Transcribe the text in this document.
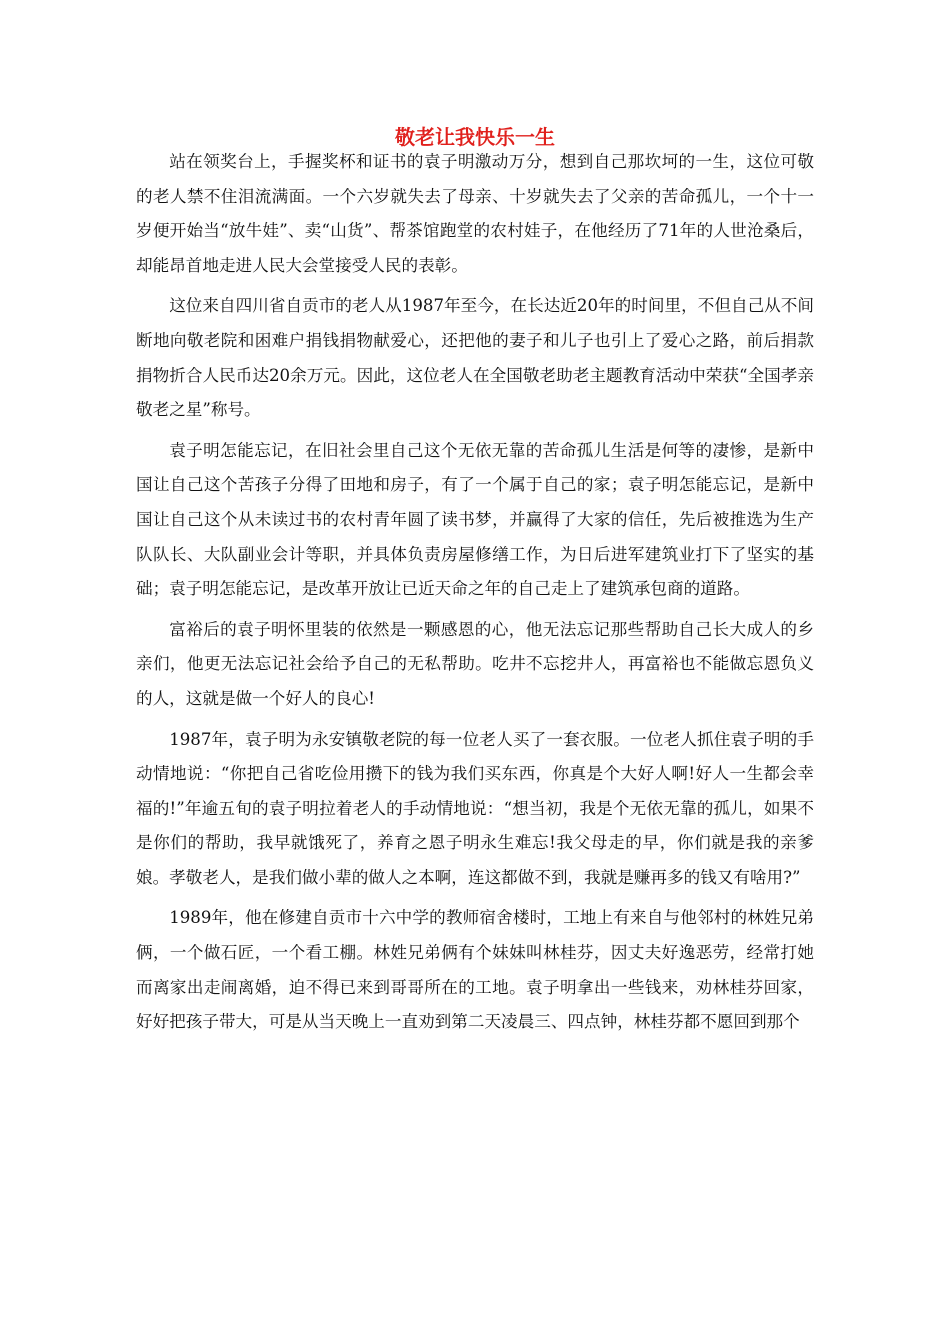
敬老让我快乐一生

站在领奖台上，手握奖杯和证书的袁子明激动万分，想到自己那坎坷的一生，这位可敬的老人禁不住泪流满面。一个六岁就失去了母亲、十岁就失去了父亲的苦命孤儿，一个十一岁便开始当“放牛娃”、卖“山货”、帮茶馆跑堂的农村娃子，在他经历了71年的人世沧桑后，却能昂首地走进人民大会堂接受人民的表彰。

这位来自四川省自贡市的老人从1987年至今，在长达近20年的时间里，不但自己从不间断地向敬老院和困难户捐钱捐物献爱心，还把他的妻子和儿子也引上了爱心之路，前后捐款捐物折合人民币达20余万元。因此，这位老人在全国敬老助老主题教育活动中荣获“全国孝亲敬老之星”称号。

袁子明怎能忘记，在旧社会里自己这个无依无靠的苦命孤儿生活是何等的凄惨，是新中国让自己这个苦孩子分得了田地和房子，有了一个属于自己的家；袁子明怎能忘记，是新中国让自己这个从未读过书的农村青年圆了读书梦，并赢得了大家的信任，先后被推选为生产队队长、大队副业会计等职，并具体负责房屋修缮工作，为日后进军建筑业打下了坚实的基础；袁子明怎能忘记，是改革开放让已近天命之年的自己走上了建筑承包商的道路。

富裕后的袁子明怀里装的依然是一颗感恩的心，他无法忘记那些帮助自己长大成人的乡亲们，他更无法忘记社会给予自己的无私帮助。吃井不忘挖井人，再富裕也不能做忘恩负义的人，这就是做一个好人的良心!

1987年，袁子明为永安镇敬老院的每一位老人买了一套衣服。一位老人抓住袁子明的手动情地说：“你把自己省吃俭用攒下的钱为我们买东西，你真是个大好人啊!好人一生都会幸福的!”年逾五旬的袁子明拉着老人的手动情地说：“想当初，我是个无依无靠的孤儿，如果不是你们的帮助，我早就饿死了，养育之恩子明永生难忘!我父母走的早，你们就是我的亲爹娘。孝敬老人，是我们做小辈的做人之本啊，连这都做不到，我就是赚再多的钱又有啥用?”

1989年，他在修建自贡市十六中学的教师宿舍楼时，工地上有来自与他邻村的林姓兄弟俩，一个做石匠，一个看工棚。林姓兄弟俩有个妹妹叫林桂芬，因丈夫好逸恶劳，经常打她而离家出走闹离婚，迫不得已来到哥哥所在的工地。袁子明拿出一些钱来，劝林桂芬回家，好好把孩子带大，可是从当天晚上一直劝到第二天凌晨三、四点钟，林桂芬都不愿回到那个
